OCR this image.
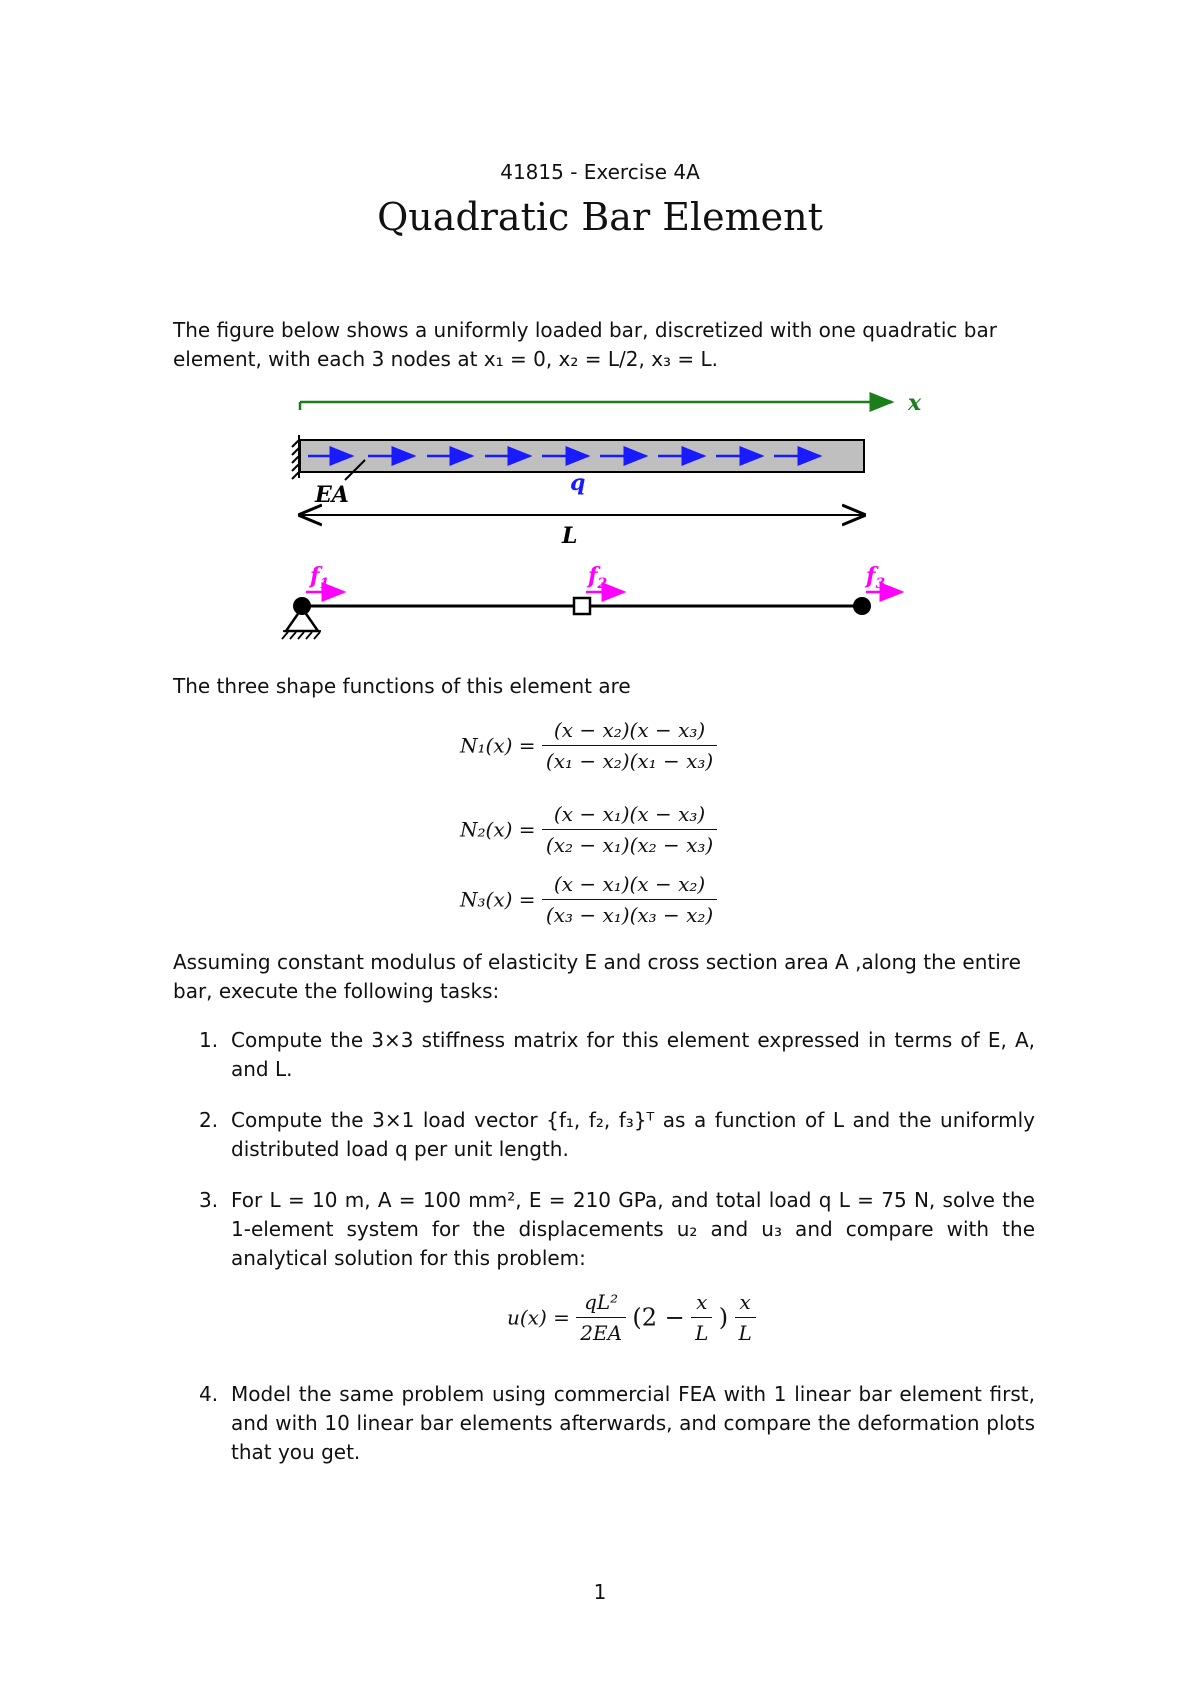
41815 - Exercise 4A
Quadratic Bar Element
The figure below shows a uniformly loaded bar, discretized with one quadratic bar
element, with each 3 nodes at x₁ = 0, x₂ = L/2, x₃ = L.
x
EA	q
L
$f_1$	$f_2$	$f_3$
The three shape functions of this element are
$N_1(x) = \frac{\text{(x − x₂)(x − x₃)}}{\text{(x₁ − x₂)(x₁ − x₃)}}$
$N_2(x) = \frac{\text{(x − x₁)(x − x₃)}}{\text{(x₂ − x₁)(x₂ − x₃)}}$
$N_3(x) = \frac{\text{(x − x₁)(x − x₂)}}{\text{(x₃ − x₁)(x₃ − x₂)}}$
Assuming constant modulus of elasticity E and cross section area A ,along the entire
bar, execute the following tasks:
1. Compute the 3×3 stiffness matrix for this element expressed in terms of E, A, and L.
2. Compute the 3×1 load vector {f₁, f₂, f₃}ᵀ as a function of L and the uniformly distributed load q per unit length.
3. For L = 10 m, A = 100 mm², E = 210 GPa, and total load q L = 75 N, solve the 1-element system for the displacements u₂ and u₃ and compare with the analytical solution for this problem:
$u(x) = \frac{\text{qL²}}{2EA} (2 - \frac{x}{L}$ ) $\frac{x}{L}$
4. Model the same problem using commercial FEA with 1 linear bar element first, and with 10 linear bar elements afterwards, and compare the deformation plots that you get.
1
